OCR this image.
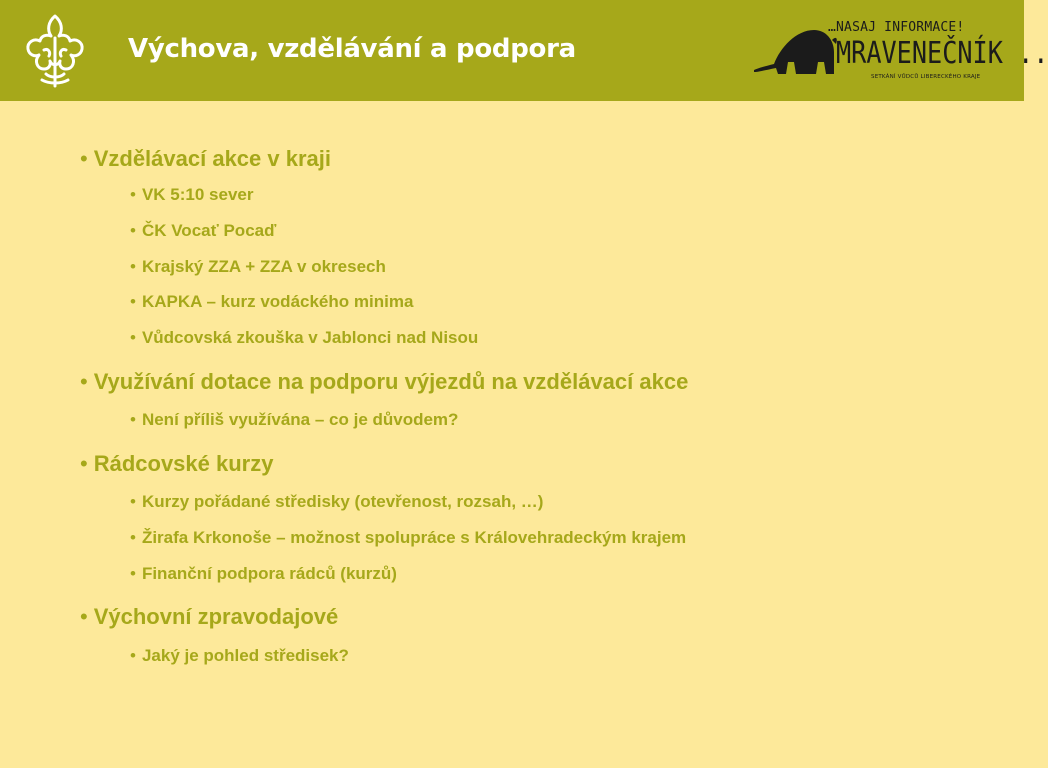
Výchova, vzdělávání a podpora
…NASAJ INFORMACE!
MRAVENEČNÍK ..
SETKÁNÍ VŮDCŮ LIBERECKÉHO KRAJE
• Vzdělávací akce v kraji
• VK 5:10 sever
• ČK Vocať Pocaď
• Krajský ZZA + ZZA v okresech
• KAPKA – kurz vodáckého minima
• Vůdcovská zkouška v Jablonci nad Nisou
• Využívání dotace na podporu výjezdů na vzdělávací akce
• Není příliš využívána – co je důvodem?
• Rádcovské kurzy
• Kurzy pořádané středisky (otevřenost, rozsah, …)
• Žirafa Krkonoše – možnost spolupráce s Královehradeckým krajem
• Finanční podpora rádců (kurzů)
• Výchovní zpravodajové
• Jaký je pohled středisek?
